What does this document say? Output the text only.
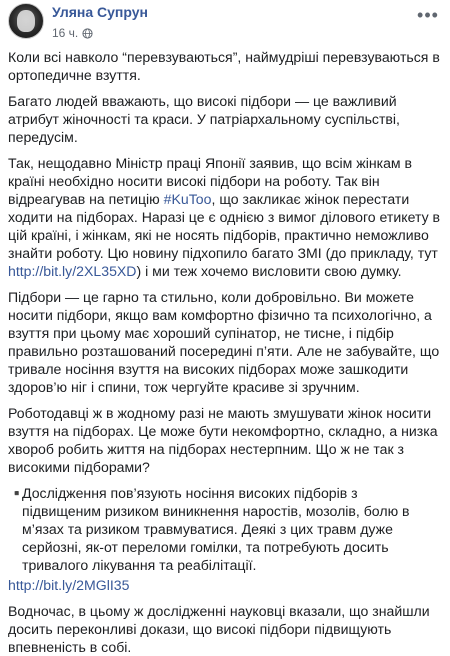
Уляна Супрун
16 ч.
•••

Коли всі навколо “перевзуваються”, наймудріші перевзуваються в ортопедичне взуття.

Багато людей вважають, що високі підбори — це важливий атрибут жіночності та краси. У патріархальному суспільстві, передусім.

Так, нещодавно Міністр праці Японії заявив, що всім жінкам в країні необхідно носити високі підбори на роботу. Так він відреагував на петицію #KuToo, що закликає жінок перестати ходити на підборах. Наразі це є однією з вимог ділового етикету в цій країні, і жінкам, які не носять підборів, практично неможливо знайти роботу. Цю новину підхопило багато ЗМІ (до прикладу, тут http://bit.ly/2XL35XD) і ми теж хочемо висловити свою думку.

Підбори — це гарно та стильно, коли добровільно. Ви можете носити підбори, якщо вам комфортно фізично та психологічно, а взуття при цьому має хороший супінатор, не тисне, і підбір правильно розташований посередині п’яти. Але не забувайте, що тривале носіння взуття на високих підборах може зашкодити здоров’ю ніг і спини, тож чергуйте красиве зі зручним.

Роботодавці ж в жодному разі не мають змушувати жінок носити взуття на підборах. Це може бути некомфортно, складно, а низка хвороб робить життя на підборах нестерпним. Що ж не так з високими підборами?

▪️
Дослідження пов’язують носіння високих підборів з підвищеним ризиком виникнення наростів, мозолів, болю в м’язах та ризиком травмуватися. Деякі з цих травм дуже серйозні, як-от переломи гомілки, та потребують досить тривалого лікування та реабілітації.

http://bit.ly/2MGlI35

Водночас, в цьому ж дослідженні науковці вказали, що знайшли досить переконливі докази, що високі підбори підвищують впевненість в собі.
